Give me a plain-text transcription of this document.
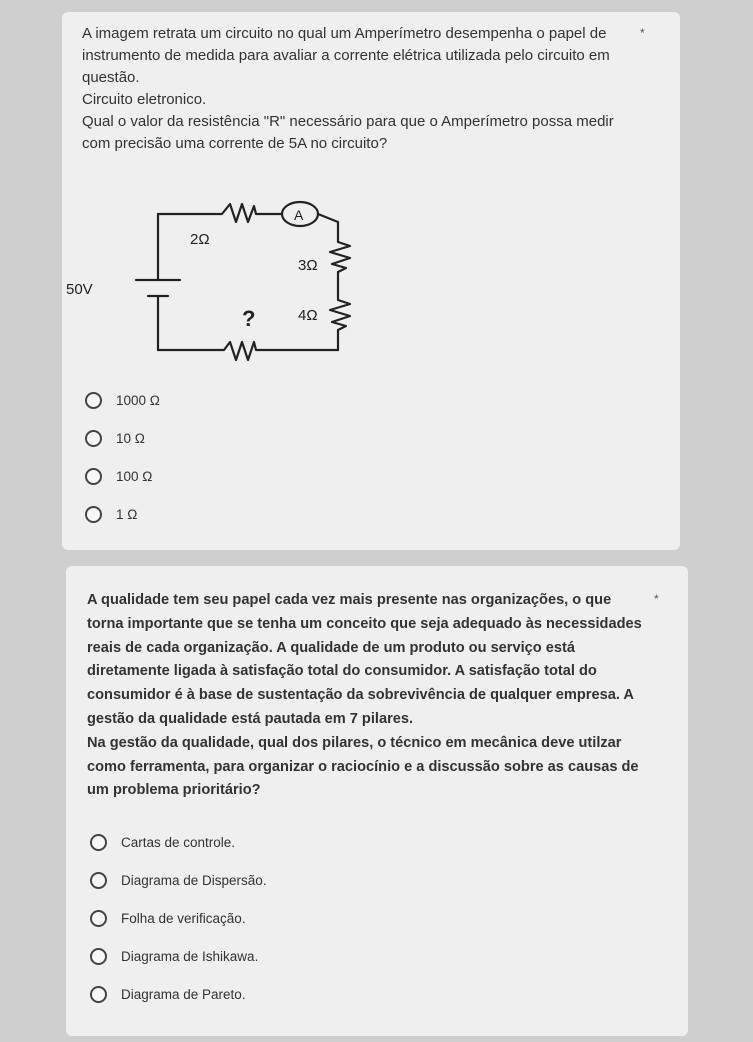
A imagem retrata um circuito no qual um Amperímetro desempenha o papel de
instrumento de medida para avaliar a corrente elétrica utilizada pelo circuito em
questão.
Circuito eletronico.
Qual o valor da resistência "R" necessário para que o Amperímetro possa medir
com precisão uma corrente de 5A no circuito?
*
2Ω
A
3Ω
50V
?	4Ω
1000 Ω
10 Ω
100 Ω
1 Ω
A qualidade tem seu papel cada vez mais presente nas organizações, o que
torna importante que se tenha um conceito que seja adequado às necessidades
reais de cada organização. A qualidade de um produto ou serviço está
diretamente ligada à satisfação total do consumidor. A satisfação total do
consumidor é à base de sustentação da sobrevivência de qualquer empresa. A
gestão da qualidade está pautada em 7 pilares.
Na gestão da qualidade, qual dos pilares, o técnico em mecânica deve utilzar
como ferramenta, para organizar o raciocínio e a discussão sobre as causas de
um problema prioritário?
*
Cartas de controle.
Diagrama de Dispersão.
Folha de verificação.
Diagrama de Ishikawa.
Diagrama de Pareto.
